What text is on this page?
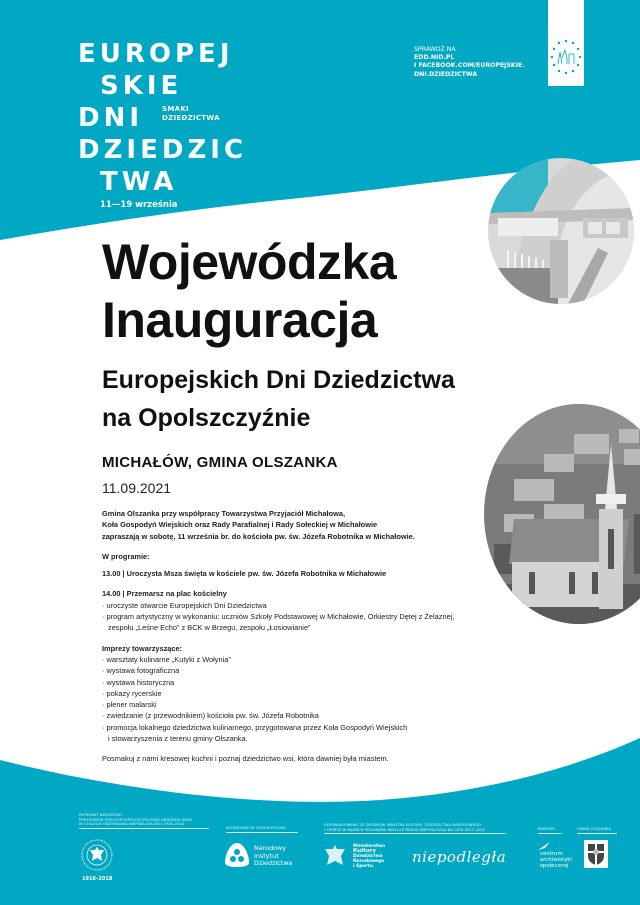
EUROPEJ
SKIE
DNI	SMAKI
DZIEDZICTWA
DZIEDZIC
TWA
11—19 września
SPRAWDŹ NA
EDD.NID.PL
I FACEBOOK.COM/EUROPEJSKIE.
DNI.DZIEDZICTWA
Wojewódzka
Inauguracja
Europejskich Dni Dziedzictwa
na Opolszczyźnie
MICHAŁÓW, GMINA OLSZANKA
11.09.2021

Gmina Olszanka przy współpracy Towarzystwa Przyjaciół Michałowa,

Koła Gospodyń Wiejskich oraz Rady Parafialnej i Rady Sołeckiej w Michałowie

zapraszają w sobotę, 11 września br. do kościoła pw. św. Józefa Robotnika w Michałowie.

W programie:

13.00 | Uroczysta Msza święta w kościele pw. św. Józefa Robotnika w Michałowie

14.00 | Przemarsz na plac kościelny

· uroczyste otwarcie Europejskich Dni Dziedzictwa
· program artystyczny w wykonaniu: uczniów Szkoły Podstawowej w Michałowie, Orkiestry Dętej z Żelaznej,
zespołu „Leśne Echo” z BCK w Brzegu, zespołu „Łosiowianie”

Imprezy towarzyszące:

· warsztaty kulinarne „Kutyki z Wołynia”
· wystawa fotograficzna
· wystawa historyczna
· pokazy rycerskie
· plener malarski
· zwiedzanie (z przewodnikiem) kościoła pw. św. Józefa Robotnika
· promocja lokalnego dziedzictwa kulinarnego, przygotowana przez Koła Gospodyń Wiejskich
i stowarzyszenia z terenu gminy Olszanka.

Posmakuj z nami kresowej kuchni i poznaj dziedzictwo wsi, która dawniej była miastem.

PATRONAT NARODOWY
PREZYDENTA RZECZYPOSPOLITEJ POLSKIEJ ANDRZEJA DUDY
W STULECIE ODZYSKANIA NIEPODLEGŁOŚCI 1918–2018
1918–2018
KOORDYNATOR OGÓLNOPOLSKI
Narodowy
Instytut
Dziedzictwa
DOFINANSOWANO ZE ŚRODKÓW MINISTRA KULTURY, DZIEDZICTWA NARODOWEGO
I SPORTU W RAMACH PROGRAMU WIELOLETNIEGO NIEPODLEGŁA NA LATA 2017–2022
Ministerstwo
Kultury
Dziedzictwa
Narodowego
i Sportu.
niepodległa
PARTNER	GMINA OLSZANKA
centrum
archiwistyki
społecznej
